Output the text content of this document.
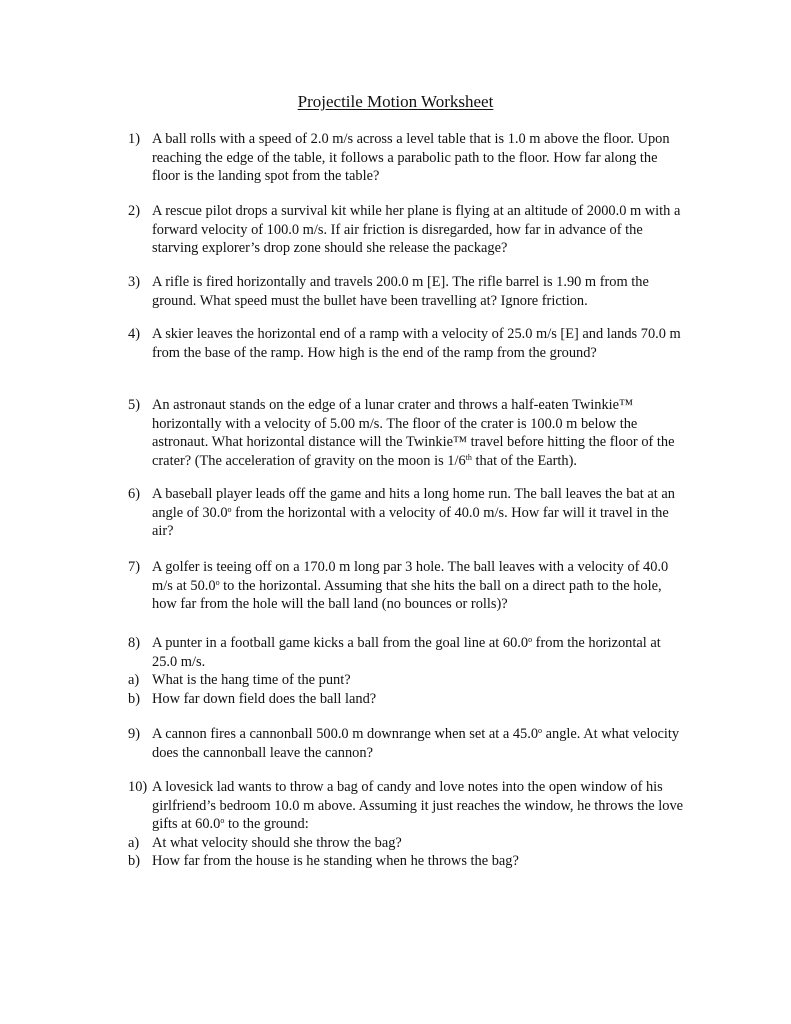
Projectile Motion Worksheet
1) A ball rolls with a speed of 2.0 m/s across a level table that is 1.0 m above the floor. Upon reaching the edge of the table, it follows a parabolic path to the floor. How far along the floor is the landing spot from the table?
2) A rescue pilot drops a survival kit while her plane is flying at an altitude of 2000.0 m with a forward velocity of 100.0 m/s. If air friction is disregarded, how far in advance of the starving explorer’s drop zone should she release the package?
3) A rifle is fired horizontally and travels 200.0 m [E]. The rifle barrel is 1.90 m from the ground. What speed must the bullet have been travelling at? Ignore friction.
4) A skier leaves the horizontal end of a ramp with a velocity of 25.0 m/s [E] and lands 70.0 m from the base of the ramp. How high is the end of the ramp from the ground?
5) An astronaut stands on the edge of a lunar crater and throws a half-eaten Twinkie™ horizontally with a velocity of 5.00 m/s. The floor of the crater is 100.0 m below the astronaut. What horizontal distance will the Twinkie™ travel before hitting the floor of the crater? (The acceleration of gravity on the moon is 1/6th that of the Earth).
6) A baseball player leads off the game and hits a long home run. The ball leaves the bat at an angle of 30.0$^o$ from the horizontal with a velocity of 40.0 m/s. How far will it travel in the air?
7) A golfer is teeing off on a 170.0 m long par 3 hole. The ball leaves with a velocity of 40.0 m/s at 50.0$^o$ to the horizontal. Assuming that she hits the ball on a direct path to the hole, how far from the hole will the ball land (no bounces or rolls)?
8) A punter in a football game kicks a ball from the goal line at 60.0$^o$ from the horizontal at 25.0 m/s.
a) What is the hang time of the punt?
b) How far down field does the ball land?
9) A cannon fires a cannonball 500.0 m downrange when set at a 45.0$^o$ angle. At what velocity does the cannonball leave the cannon?
10) A lovesick lad wants to throw a bag of candy and love notes into the open window of his girlfriend’s bedroom 10.0 m above. Assuming it just reaches the window, he throws the love gifts at 60.0$^o$ to the ground:
a) At what velocity should she throw the bag?
b) How far from the house is he standing when he throws the bag?
